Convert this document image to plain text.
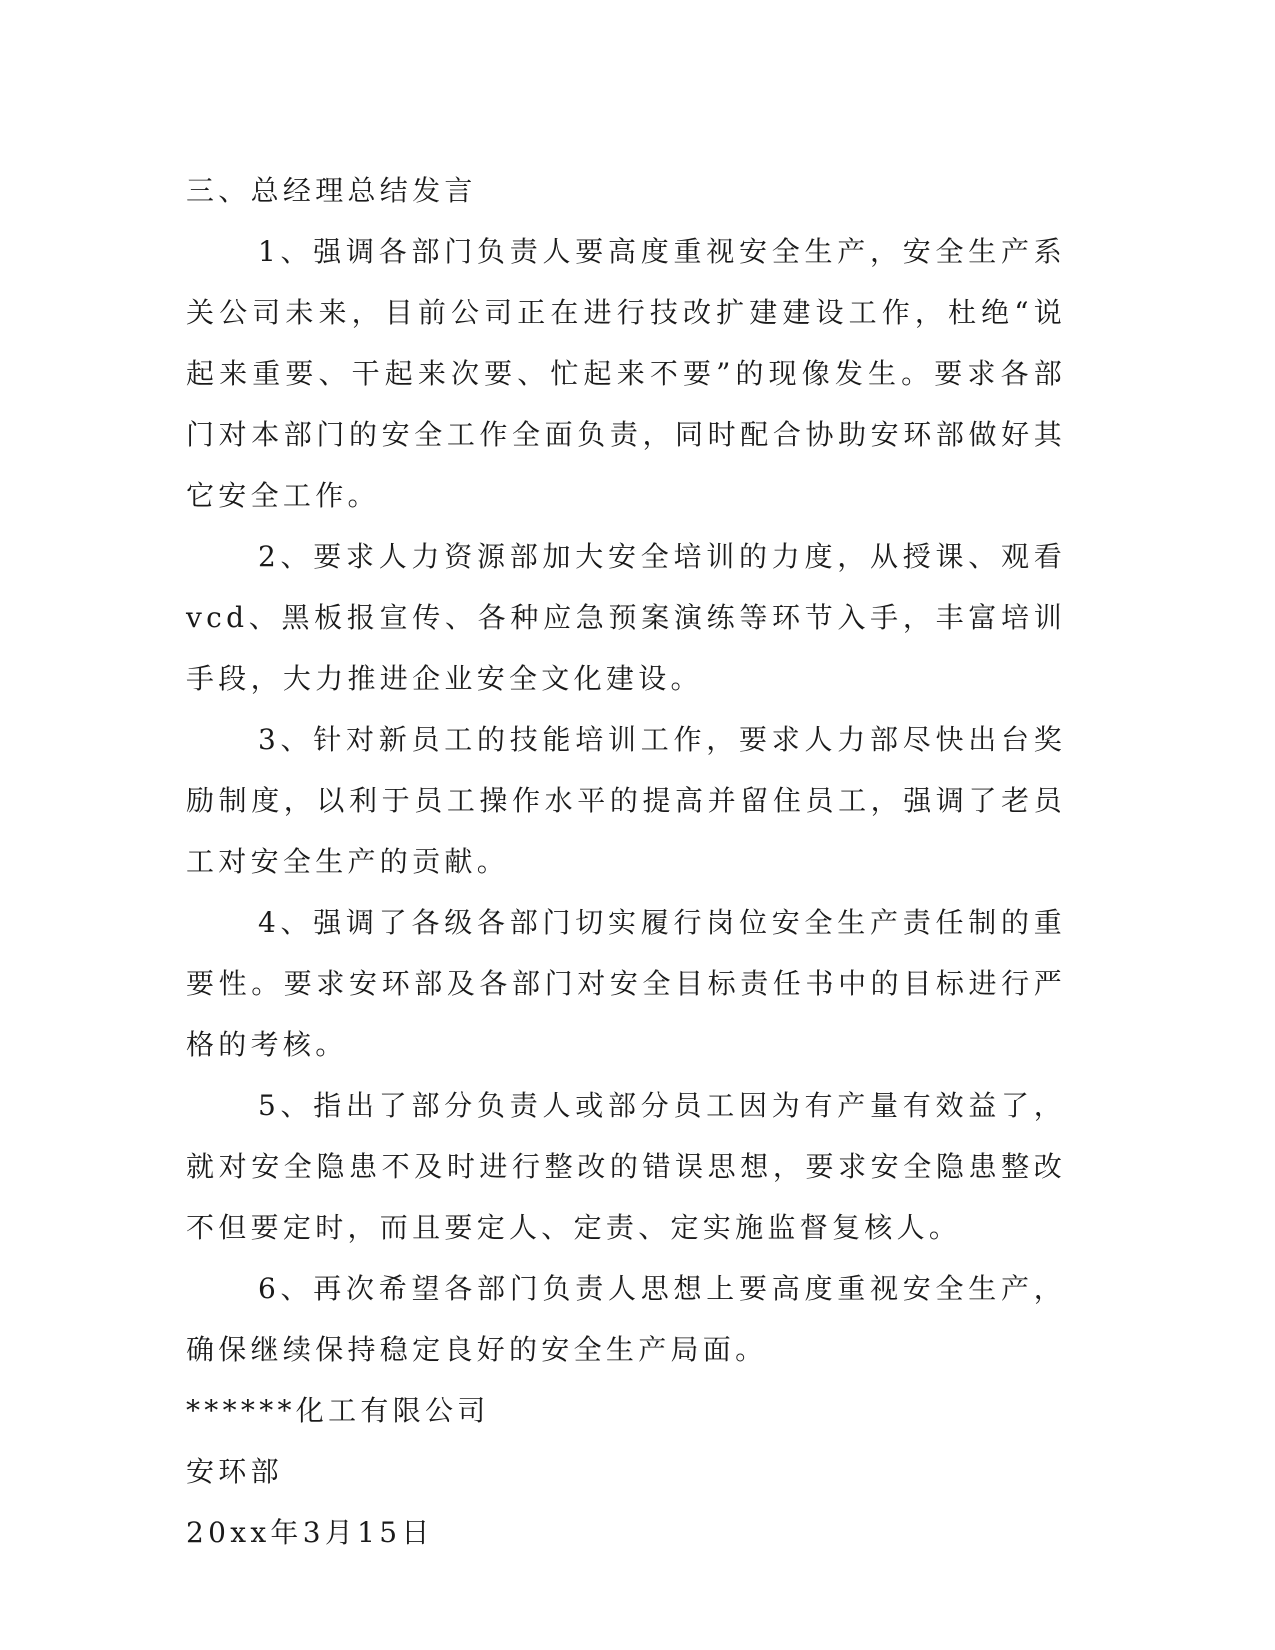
三、总经理总结发言

1、强调各部门负责人要高度重视安全生产，安全生产系关公司未来，目前公司正在进行技改扩建建设工作，杜绝“说起来重要、干起来次要、忙起来不要”的现像发生。要求各部门对本部门的安全工作全面负责，同时配合协助安环部做好其它安全工作。

2、要求人力资源部加大安全培训的力度，从授课、观看vcd、黑板报宣传、各种应急预案演练等环节入手，丰富培训手段，大力推进企业安全文化建设。

3、针对新员工的技能培训工作，要求人力部尽快出台奖励制度，以利于员工操作水平的提高并留住员工，强调了老员工对安全生产的贡献。

4、强调了各级各部门切实履行岗位安全生产责任制的重要性。要求安环部及各部门对安全目标责任书中的目标进行严格的考核。

5、指出了部分负责人或部分员工因为有产量有效益了，就对安全隐患不及时进行整改的错误思想，要求安全隐患整改不但要定时，而且要定人、定责、定实施监督复核人。

6、再次希望各部门负责人思想上要高度重视安全生产，确保继续保持稳定良好的安全生产局面。

******化工有限公司

安环部

20xx年3月15日
